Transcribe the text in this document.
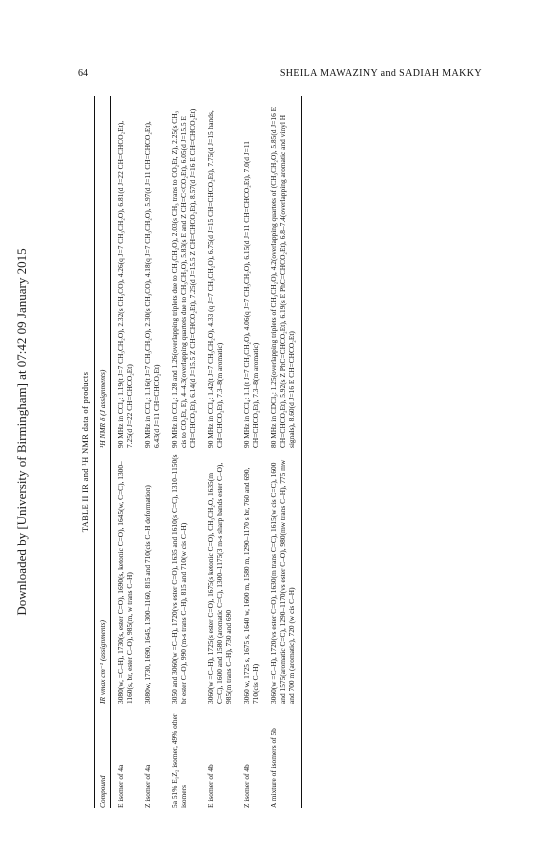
Downloaded by [University of Birmingham] at 07:42 09 January 2015
64	SHEILA MAWAZINY and SADIAH MAKKY
TABLE II IR and ¹H NMR data of products
Compound	IR νmax cm⁻¹ (assignments)	¹H NMR δ (J assignments)
E isomer of 4a	3080(w, =C–H), 1730(s, ester C=O), 1690(s, ketonic C=O), 1645(w, C=C), 1300–1160(s, br, ester C–O), 985(m, w trans C–H)	90 MHz in CCl₄: 1.19(t J=7 CH₃CH₂O), 2.32(s CH₃CO), 4.26(q J=7 CH₃CH₂O), 6.81(d J=22 CH=CHCO₂Et), 7.25(d J=22 CH=CHCO₂Et)
Z isomer of 4a	3080w, 1730, 1690, 1645, 1300–1160, 815 and 710(cis C–H deformation)	90 MHz in CCl₄: 1.16(t J=7 CH₃CH₂O), 2.30(s CH₃CO), 4.18(q J=7 CH₃CH₂O), 5.97(d J=11 CH=CHCO₂Et), 6.43(d J=11 CH=CHCO₂Et)
5a 51% E₁Z₂ isomer, 49% other isomers	3050 and 3060(w =C–H), 1720(vs ester C=O), 1635 and 1610(s C=C), 1310–1150(s br ester C–O), 990 (m-s trans C–H), 815 and 710(w cis C–H)	90 MHz in CCl₄: 1.28 and 1.26(overlapping triplets due to CH₃CH₂O), 2.03(s CH₃ trans to CO₂Et, Z), 2.25(s CH₃ cis to CO₂Et, E), 4–4.3(overlapping quartets due to CH₃CH₂O), 5.83(s E and Z CH=C<CO₂Et), 6.05(d J=15.5 E CH=CHCO₂Et), 6.14(d J=15.5 Z CH=CHCO₂Et), 7.25(d J=15.5 Z CH=CHCO₂Et), 8.57(d J=16 E CH=CHCO₂Et)
E isomer of 4b	3060(w =C–H), 1725(s ester C=O), 1675(s ketonic C=O), CH₃CH₂O, 1635(m C=C), 1600 and 1580 (aromatic C=C), 1300–1175(3 m-s sharp bands ester C–O), 985(m trans C–H), 730 and 690	90 MHz in CCl₄: 1.42(t J=7 CH₃CH₂O), 4.33 (q J=7 CH₃CH₂O), 6.75(d J=15 CH=CHCO₂Et), 7.75(d J=15 hands, CH=CHCO₂Et), 7.3–8(m aromatic)
Z isomer of 4b	3060 w, 1725 s, 1675 s, 1640 w, 1600 m, 1580 m, 1290–1170 s br, 760 and 690, 710(cis C–H)	90 MHz in CCl₄: 1.1(t J=7 CH₃CH₂O), 4.06(q J=7 CH₃CH₂O), 6.15(d J=11 CH=CHCO₂Et), 7.0(d J=11 CH=CHCO₂Et), 7.3–8(m aromatic)
A mixture of isomers of 5b	3060(w =C–H), 1720(vs ester C=O), 1630(m trans C=C), 1615(w cis C=C), 1600 and 1575(aromatic C=C), 1290–1170(vs ester C–O), 980(mw trans C–H), 775 mw and 700 m (aromatic), 720 (w cis C–H)	80 MHz in CDCl₃: 1.25(overlapping triplets of CH₃CH₂O), 4.2(overlapping quartets of (CH₃CH₂O), 5.85(d J=16 E CH=CHCO₂Et), 5.92(s Z PhC=CHCO₂Et), 6.19(s E PhC=CHCO₂Et), 6.8–7.4(overlapping aromatic and vinyl H signals), 8.60(d J=16 E CH=CHCO₂Et)
